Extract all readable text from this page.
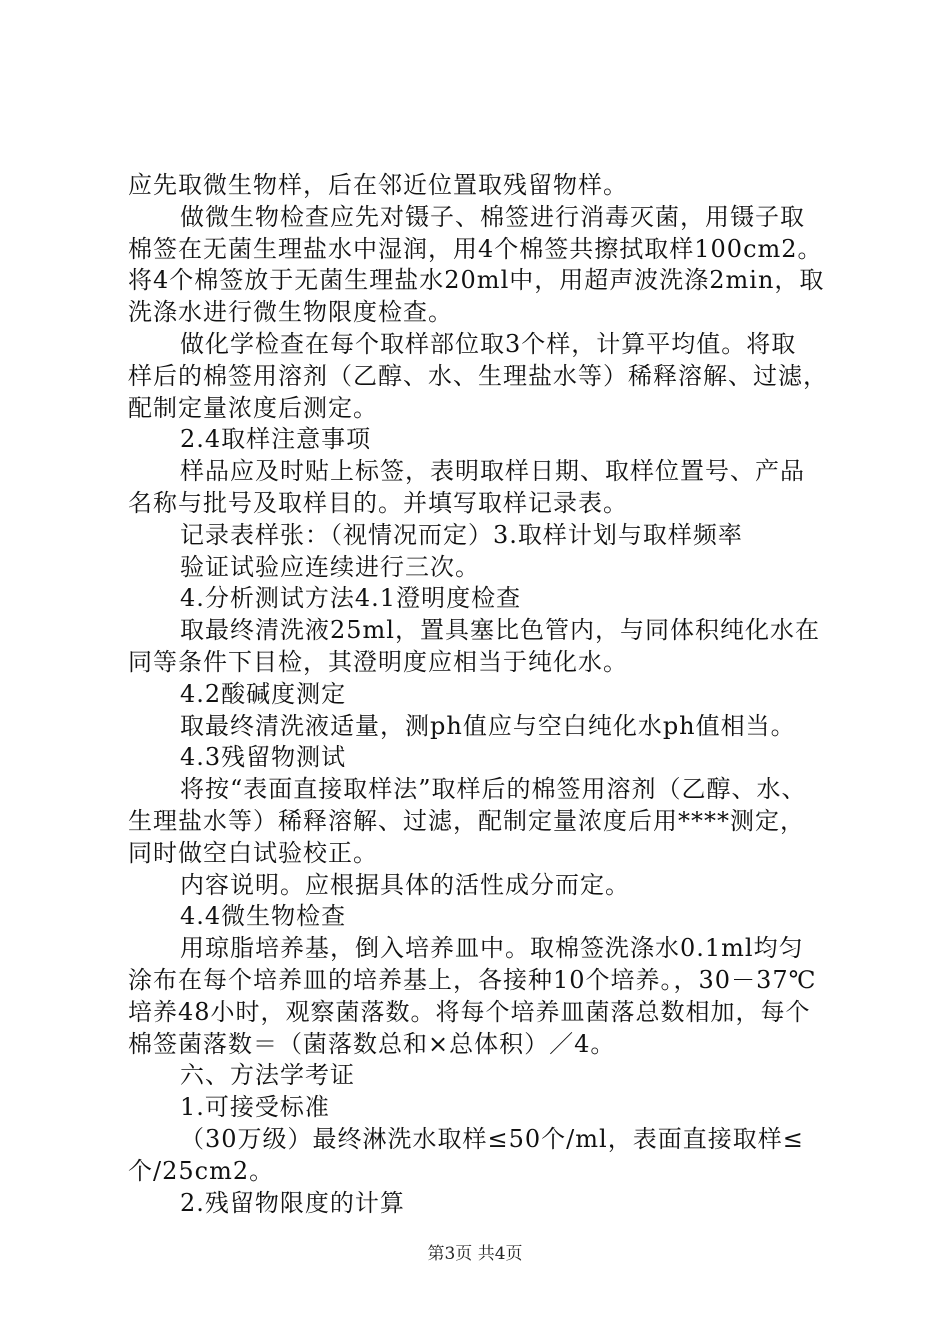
应先取微生物样，后在邻近位置取残留物样。
做微生物检查应先对镊子、棉签进行消毒灭菌，用镊子取
棉签在无菌生理盐水中湿润，用4个棉签共擦拭取样100cm2。
将4个棉签放于无菌生理盐水20ml中，用超声波洗涤2min，取
洗涤水进行微生物限度检查。
做化学检查在每个取样部位取3个样，计算平均值。将取
样后的棉签用溶剂（乙醇、水、生理盐水等）稀释溶解、过滤，
配制定量浓度后测定。
2.4取样注意事项
样品应及时贴上标签，表明取样日期、取样位置号、产品
名称与批号及取样目的。并填写取样记录表。
记录表样张：（视情况而定）3.取样计划与取样频率
验证试验应连续进行三次。
4.分析测试方法4.1澄明度检查
取最终清洗液25ml，置具塞比色管内，与同体积纯化水在
同等条件下目检，其澄明度应相当于纯化水。
4.2酸碱度测定
取最终清洗液适量，测ph值应与空白纯化水ph值相当。
4.3残留物测试
将按“表面直接取样法”取样后的棉签用溶剂（乙醇、水、
生理盐水等）稀释溶解、过滤，配制定量浓度后用****测定，
同时做空白试验校正。
内容说明。应根据具体的活性成分而定。
4.4微生物检查
用琼脂培养基，倒入培养皿中。取棉签洗涤水0.1ml均匀
涂布在每个培养皿的培养基上，各接种10个培养。，30－37℃
培养48小时，观察菌落数。将每个培养皿菌落总数相加，每个
棉签菌落数＝（菌落数总和×总体积）／4。
六、方法学考证
1.可接受标准
（30万级）最终淋洗水取样≤50个/ml，表面直接取样≤
个/25cm2。
2.残留物限度的计算
第3页 共4页
